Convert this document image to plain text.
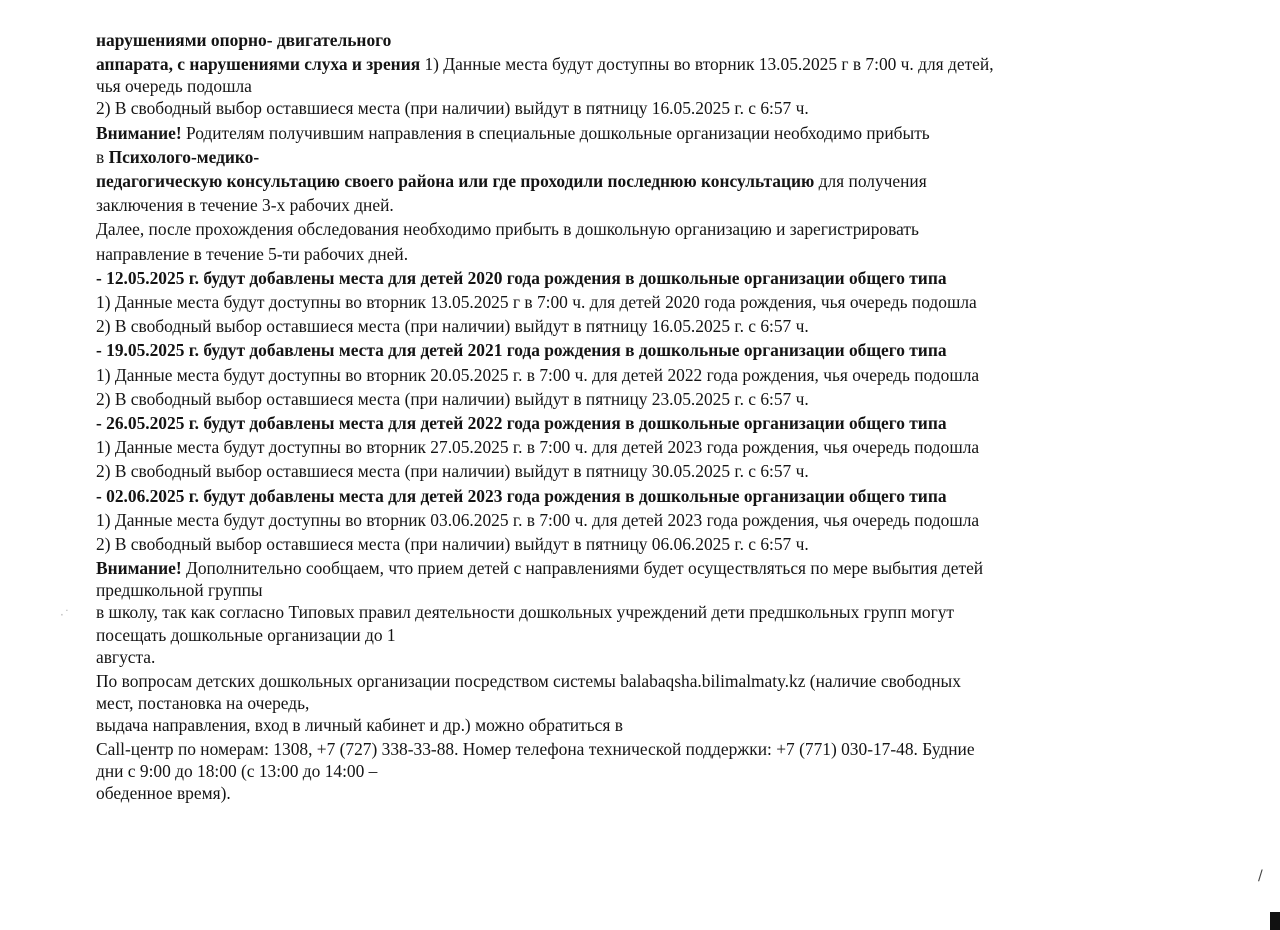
нарушениями опорно- двигательного
аппарата, с нарушениями слуха и зрения 1) Данные места будут доступны во вторник 13.05.2025 г в 7:00 ч. для детей,
чья очередь подошла
2) В свободный выбор оставшиеся места (при наличии) выйдут в пятницу 16.05.2025 г. с 6:57 ч.
Внимание! Родителям получившим направления в специальные дошкольные организации необходимо прибыть
в Психолого-медико-
педагогическую консультацию своего района или где проходили последнюю консультацию для получения
заключения в течение 3-х рабочих дней.
Далее, после прохождения обследования необходимо прибыть в дошкольную организацию и зарегистрировать
направление в течение 5-ти рабочих дней.
- 12.05.2025 г. будут добавлены места для детей 2020 года рождения в дошкольные организации общего типа
1) Данные места будут доступны во вторник 13.05.2025 г в 7:00 ч. для детей 2020 года рождения, чья очередь подошла
2) В свободный выбор оставшиеся места (при наличии) выйдут в пятницу 16.05.2025 г. с 6:57 ч.
- 19.05.2025 г. будут добавлены места для детей 2021 года рождения в дошкольные организации общего типа
1) Данные места будут доступны во вторник 20.05.2025 г. в 7:00 ч. для детей 2022 года рождения, чья очередь подошла
2) В свободный выбор оставшиеся места (при наличии) выйдут в пятницу 23.05.2025 г. с 6:57 ч.
- 26.05.2025 г. будут добавлены места для детей 2022 года рождения в дошкольные организации общего типа
1) Данные места будут доступны во вторник 27.05.2025 г. в 7:00 ч. для детей 2023 года рождения, чья очередь подошла
2) В свободный выбор оставшиеся места (при наличии) выйдут в пятницу 30.05.2025 г. с 6:57 ч.
- 02.06.2025 г. будут добавлены места для детей 2023 года рождения в дошкольные организации общего типа
1) Данные места будут доступны во вторник 03.06.2025 г. в 7:00 ч. для детей 2023 года рождения, чья очередь подошла
2) В свободный выбор оставшиеся места (при наличии) выйдут в пятницу 06.06.2025 г. с 6:57 ч.
Внимание! Дополнительно сообщаем, что прием детей с направлениями будет осуществляться по мере выбытия детей
предшкольной группы
в школу, так как согласно Типовых правил деятельности дошкольных учреждений дети предшкольных групп могут
посещать дошкольные организации до 1
августа.
По вопросам детских дошкольных организации посредством системы balabaqsha.bilimalmaty.kz (наличие свободных
мест, постановка на очередь,
выдача направления, вход в личный кабинет и др.) можно обратиться в
Call-центр по номерам: 1308, +7 (727) 338-33-88. Номер телефона технической поддержки: +7 (771) 030-17-48. Будние
дни с 9:00 до 18:00 (с 13:00 до 14:00 –
обеденное время).
·˙
/
